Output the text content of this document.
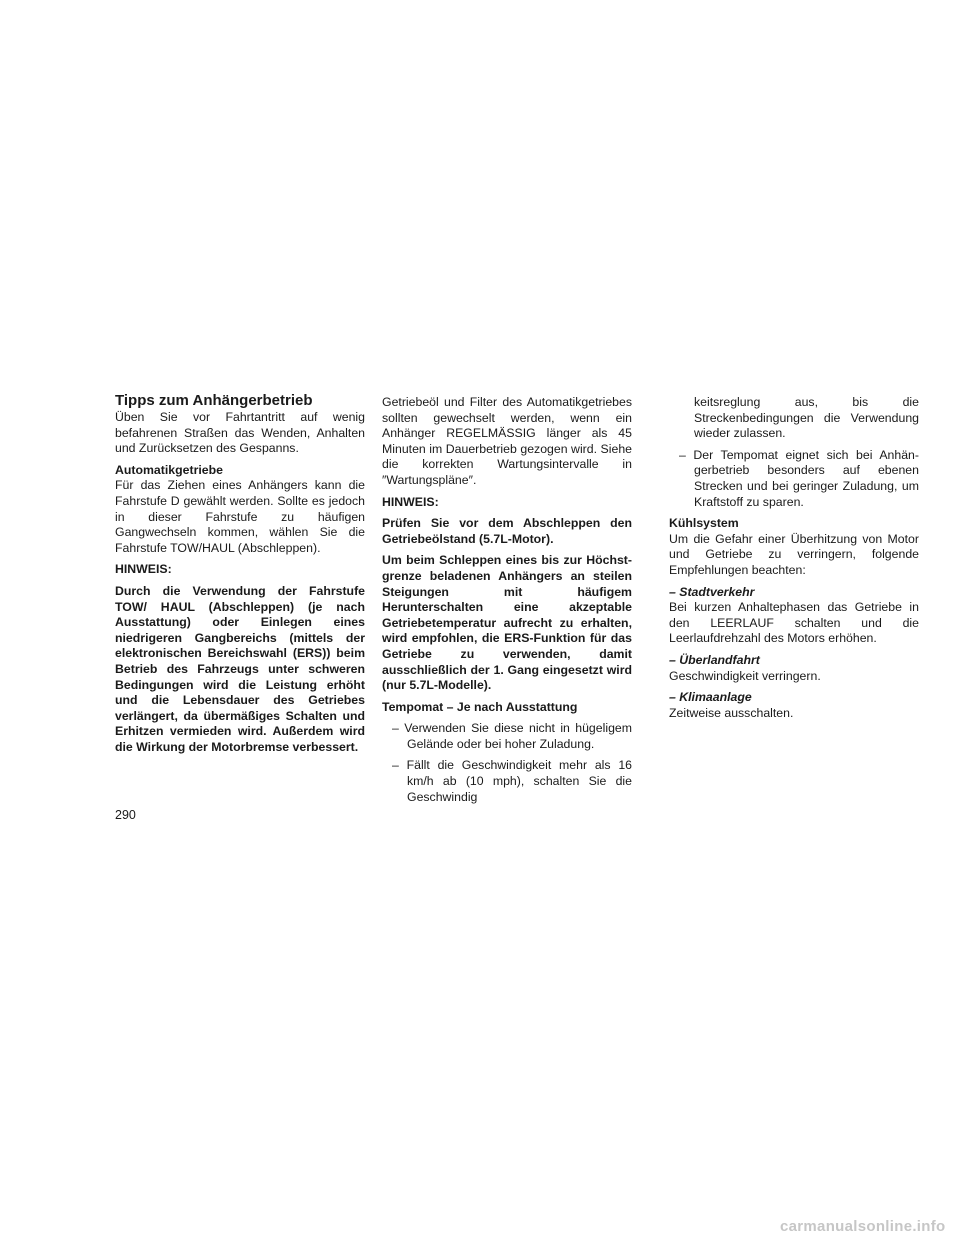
Tipps zum Anhängerbetrieb

Üben Sie vor Fahrtantritt auf wenig befahrenen Straßen das Wenden, Anhalten und Zurücksetzen des Gespanns.

Automatikgetriebe

Für das Ziehen eines Anhängers kann die Fahrstufe D gewählt werden. Sollte es jedoch in dieser Fahrstufe zu häufigen Gangwechseln kommen, wählen Sie die Fahrstufe TOW/HAUL (Abschleppen).

HINWEIS:

Durch die Verwendung der Fahrstufe TOW/ HAUL (Abschleppen) (je nach Ausstattung) oder Einlegen eines niedrigeren Gangbereichs (mittels der elektronischen Bereichswahl (ERS)) beim Betrieb des Fahrzeugs unter schweren Bedingungen wird die Leistung erhöht und die Lebensdauer des Getriebes verlängert, da übermäßiges Schalten und Erhitzen vermieden wird. Außerdem wird die Wirkung der Motorbremse verbessert.

Getriebeöl und Filter des Automatikgetriebes sollten gewechselt werden, wenn ein Anhänger REGELMÄSSIG länger als 45 Minuten im Dauerbetrieb gezogen wird. Siehe die korrekten Wartungsintervalle in ″Wartungspläne″.

HINWEIS:

Prüfen Sie vor dem Abschleppen den Getriebeölstand (5.7L-Motor).

Um beim Schleppen eines bis zur Höchstgrenze beladenen Anhängers an steilen Steigungen mit häufigem Herunterschalten eine akzeptable Getriebetemperatur aufrecht zu erhalten, wird empfohlen, die ERS-Funktion für das Getriebe zu verwenden, damit ausschließlich der 1. Gang eingesetzt wird (nur 5.7L-Modelle).

Tempomat – Je nach Ausstattung

– Verwenden Sie diese nicht in hügeligem Gelände oder bei hoher Zuladung.

– Fällt die Geschwindigkeit mehr als 16 km/h ab (10 mph), schalten Sie die Geschwindig

keitsreglung aus, bis die Streckenbedingungen die Verwendung wieder zulassen.

– Der Tempomat eignet sich bei Anhängerbetrieb besonders auf ebenen Strecken und bei geringer Zuladung, um Kraftstoff zu sparen.

Kühlsystem

Um die Gefahr einer Überhitzung von Motor und Getriebe zu verringern, folgende Empfehlungen beachten:

– Stadtverkehr

Bei kurzen Anhaltephasen das Getriebe in den LEERLAUF schalten und die Leerlaufdrehzahl des Motors erhöhen.

– Überlandfahrt

Geschwindigkeit verringern.

– Klimaanlage

Zeitweise ausschalten.

290
carmanualsonline.info
